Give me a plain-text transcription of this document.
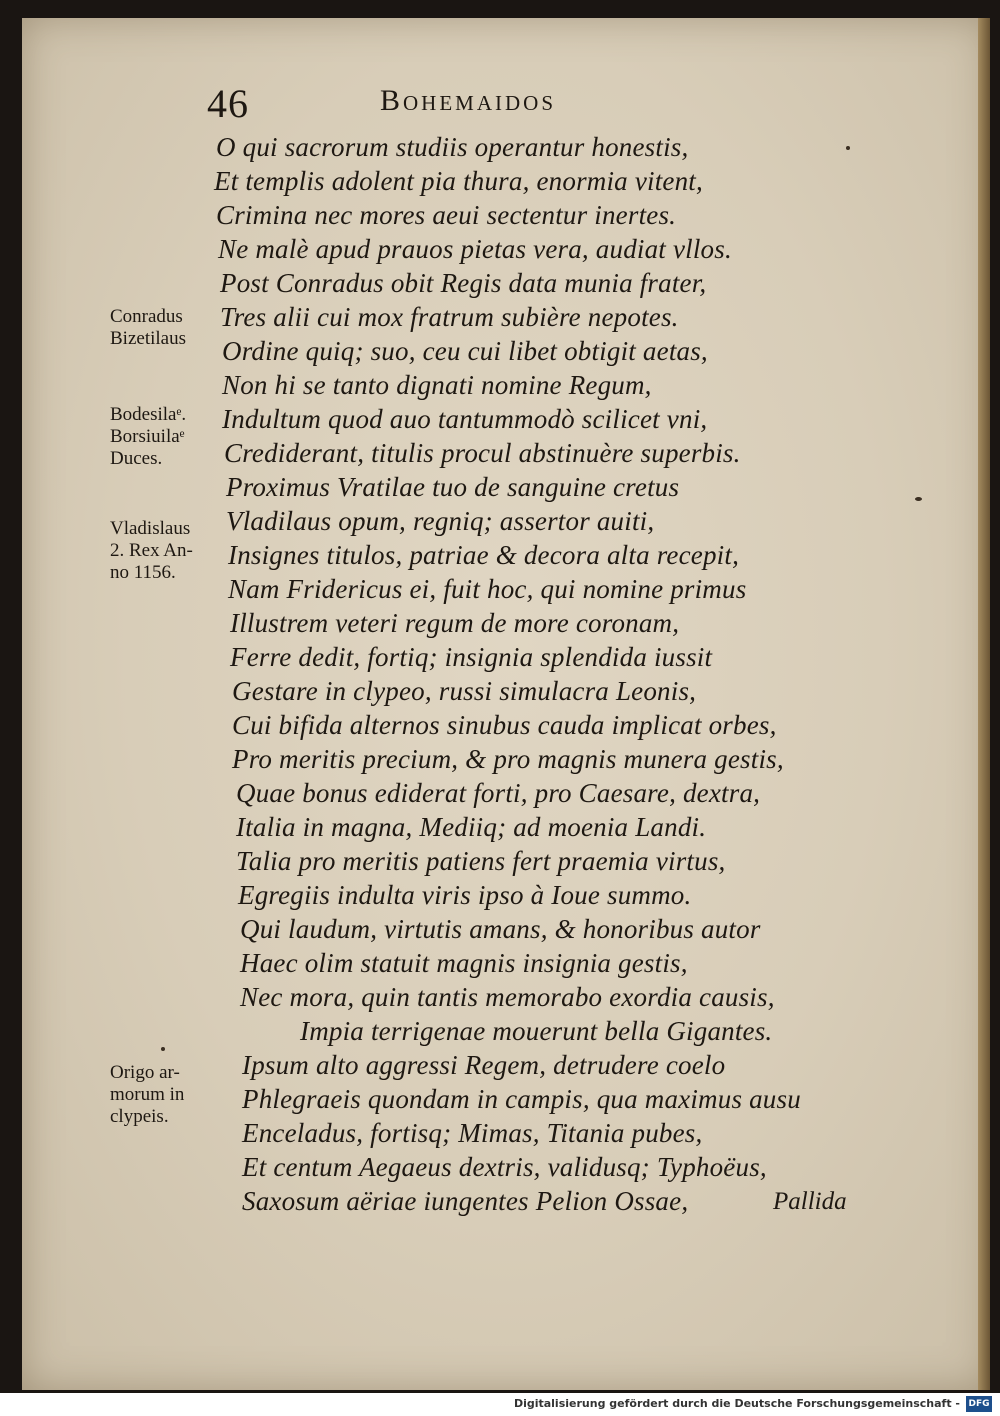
46	Bohemaidos
O qui sacrorum studiis operantur honestis,
Et templis adolent pia thura, enormia vitent,
Crimina nec mores aeui sectentur inertes.
Ne malè apud prauos pietas vera, audiat vllos.
Post Conradus obit Regis data munia frater,
Tres alii cui mox fratrum subière nepotes.
Ordine quiq; suo, ceu cui libet obtigit aetas,
Non hi se tanto dignati nomine Regum,
Indultum quod auo tantummodò scilicet vni,
Crediderant, titulis procul abstinuère superbis.
Proximus Vratilae tuo de sanguine cretus
Vladilaus opum, regniq; assertor auiti,
Insignes titulos, patriae & decora alta recepit,
Nam Fridericus ei, fuit hoc, qui nomine primus
Illustrem veteri regum de more coronam,
Ferre dedit, fortiq; insignia splendida iussit
Gestare in clypeo, russi simulacra Leonis,
Cui bifida alternos sinubus cauda implicat orbes,
Pro meritis precium, & pro magnis munera gestis,
Quae bonus ediderat forti, pro Caesare, dextra,
Italia in magna, Mediiq; ad moenia Landi.
Talia pro meritis patiens fert praemia virtus,
Egregiis indulta viris ipso à Ioue summo.
Qui laudum, virtutis amans, & honoribus autor
Haec olim statuit magnis insignia gestis,
Nec mora, quin tantis memorabo exordia causis,
Impia terrigenae mouerunt bella Gigantes.
Ipsum alto aggressi Regem, detrudere coelo
Phlegraeis quondam in campis, qua maximus ausu
Enceladus, fortisq; Mimas, Titania pubes,
Et centum Aegaeus dextris, validusq; Typhoëus,
Saxosum aëriae iungentes Pelion Ossae,
Conradus
Bizetilaus
Bodesilaᵉ.
Borsiuilaᵉ
Duces.
Vladislaus
2. Rex An-
no 1156.
Origo ar-
morum in
clypeis.
Pallida
Digitalisierung gefördert durch die Deutsche Forschungsgemeinschaft - DFG
